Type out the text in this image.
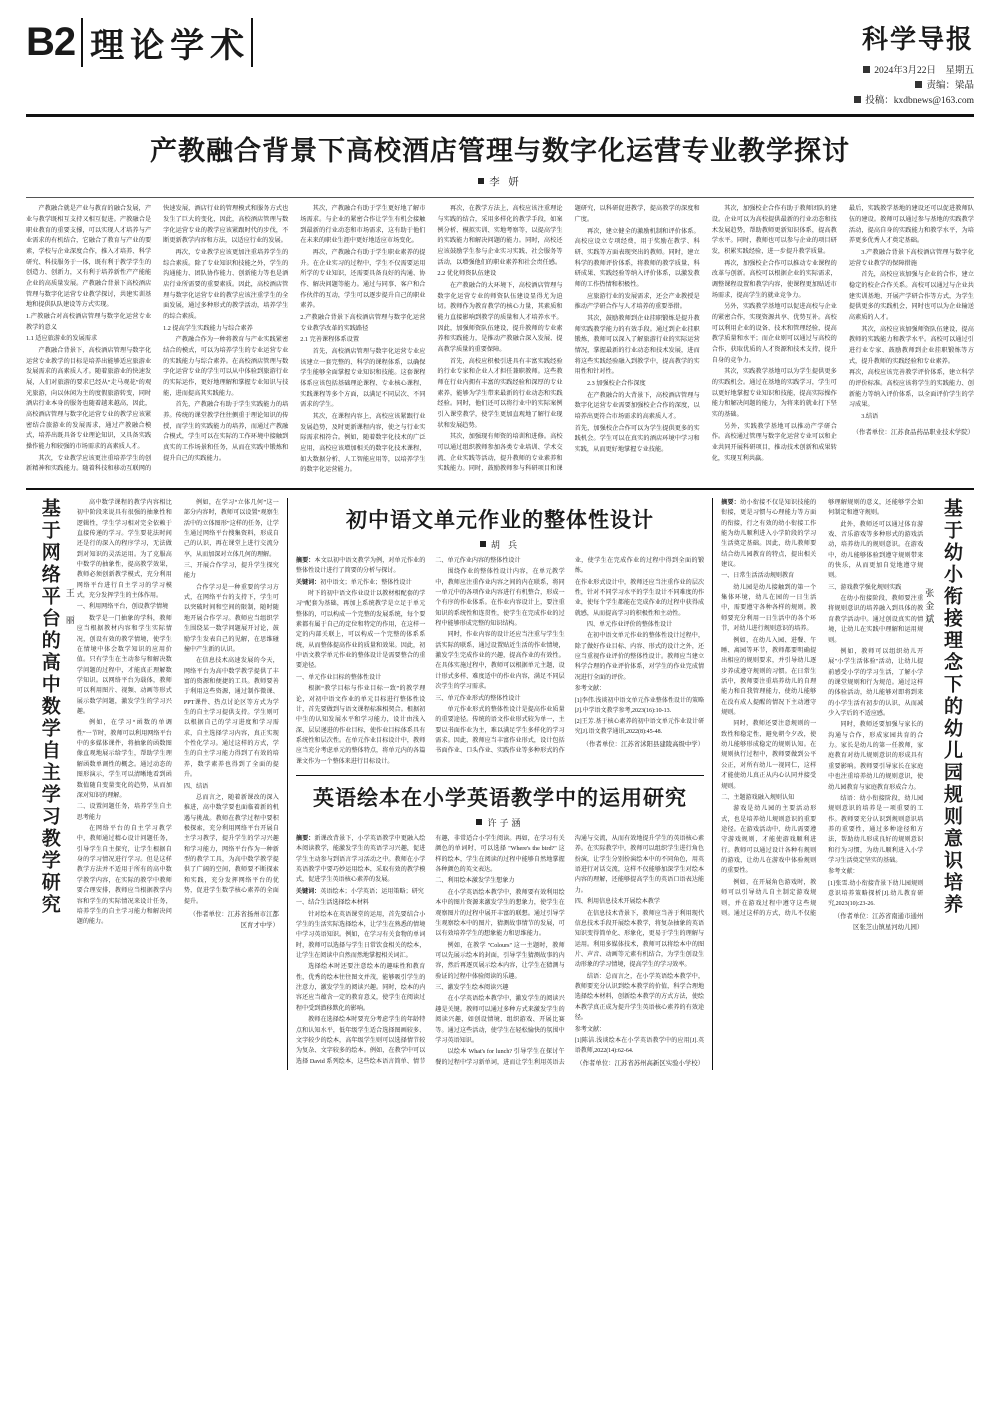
B2 理 论 学 术	科学导报
2024年3月22日　星期五
责编：梁晶
投稿：kxdbnews@163.com
产教融合背景下高校酒店管理与数字化运营专业教学探讨
李 妍

产教融合就是产业与教育的融合发展，产业与教学既相互支持又相互促进。产教融合是职业教育的重要支撑，可以实现人才培养与产业需求的有机结合，它融合了教育与产业的要素，学校与企业深度合作，推入才培养、科学研究、科技服务于一体，既有利于教学学生的创造力、创新力，又有利于培养新性产产能能企业的高质量发展。产教融合背景下高校酒店管理与数字化运营专业教学探讨，共建实训基地和提供队队建设等方式实现。

1.产教融合对高校酒店管理与数字化运营专业教学的意义

1.1 适应旅游业的发展需求

产教融合背景下，高校酒店管理与数字化运营专业教学的目标是培养出能够适应旅游业发展需求的高素质人才。随着旅游业的快速发展，人们对旅游的要求已经从“走马观花”的观光旅游，向以休闲为主的度假旅游转变，同时酒店行业本身的服务也随着越来越高，因此，高校酒店管理与数字化运营专业的教学应该紧密结合旅游业的发展需求，通过产教融合模式，培养出既具备专业理论知识，又具备实践操作能力和较强的市场需求的高素质人才。

其次，专业教学应该更注重培养学生的创新精神和实践能力。随着科技和移动互联网的快速发展，酒店行业的管理模式和服务方式也发生了巨大的变化，因此，高校酒店管理与数字化运营专业的教学应该紧跟时代的步伐，不断更新教学内容和方法，以适应行业的发展。

再次，专业教学应该更加注重培养学生的综合素质。除了专业知识和技能之外，学生的沟通能力、团队协作能力、创新能力等也是酒店行业所需要的重要素质。因此，高校酒店管理与数字化运营专业的教学应该注重学生的全面发展，通过多种形式的教学活动，培养学生的综合素质。

1.2 提高学生实践能力与综合素养

产教融合作为一种将教育与产业实践紧密结合的模式，可以为培养学生的专业运营专业的实践能力与综合素养。在高校酒店管理与数字化运营专业的学生可以从中体验到旅游行业的实际运作，更好地理解和掌握专业知识与技能，进而提高其实践能力。

首先，产教融合有助于学生实践能力的培养。传统的课堂教学往往侧重于理论知识的传授，而学生的实践能力的培养，而通过产教融合模式，学生可以在实际的工作环境中接触到真实的工作场景和任务，从而在实践中锻炼和提升自己的实践能力。

其次，产教融合有助于学生更好地了解市场需求。与企业的紧密合作让学生有机会接触到最新的行业动态和市场需求，这有助于他们在未来的职业生涯中更好地适应市场变化。

再次，产教融合有助于学生职业素养的提升。在企业实习的过程中，学生不仅需要运用所学的专业知识，还需要具备良好的沟通、协作、解决问题等能力。通过与同事、客户和合作伙伴的互动，学生可以逐步提升自己的职业素养。

2.产教融合背景下高校酒店管理与数字化运营专业教学改革的实践路径

2.1 完善课程体系设置

首先，高校酒店管理与数字化运营专业应该建立一套完整的、科学的课程体系，以确保学生能够全面掌握专业知识和技能。这套课程体系应该包括基础理论课程、专业核心课程、实践课程等多个方面，以满足不同层次、不同需求的学生。

其次，在课程内容上，高校应该紧跟行业发展趋势，及时更新课程内容，使之与行业实际需求相符合。例如，随着数字化技术的广泛应用，高校应该增加相关的数字化技术课程，如大数据分析、人工智能应用等，以培养学生的数字化运营能力。

再次，在教学方法上，高校应该注重理论与实践的结合，采用多样化的教学手段，如案例分析、模拟实训、实地考察等，以提高学生的实践能力和解决问题的能力。同时，高校还应该鼓励学生参与企业实习实践、社会服务等活动，以增强他们的职业素养和社会责任感。

2.2 优化师资队伍建设

在产教融合的大环境下，高校酒店管理与数字化运营专业的师资队伍建设显得尤为迫切。教师作为教育教学的核心力量，其素质和能力直接影响到教学的质量和人才培养水平。因此，加强师资队伍建设，提升教师的专业素养和实践能力，是推动产教融合深入发展、提高教学质量的重要保障。

首先，高校应积极引进具有丰富实践经验的行业专家和企业人才担任兼职教师。这些教师在行业内拥有丰富的实践经验和深厚的专业素养，能够为学生带来最新的行业动态和实践经验。同时，他们还可以将行业中的实际案例引入课堂教学，使学生更加直观地了解行业现状和发展趋势。

其次，加强现有师资的培训和进修。高校可以通过组织教师参加各类专业培训、学术交流、企业实践等活动，提升教师的专业素养和实践能力。同时，鼓励教师参与科研项目和课题研究，以科研促进教学，提高教学的深度和广度。

再次，建立健全的激励机制和评价体系。高校应设立专项经费，用于奖励在教学、科研、实践等方面表现突出的教师。同时，建立科学的教师评价体系，将教师的教学质量、科研成果、实践经验等纳入评价体系，以激发教师的工作热情和积极性。

应旅游行业的发展需求，还会产业教授是推动产学研合作与人才培养的重要举措。

其次，鼓励教师到企业挂职锻炼是提升教师实践教学能力的有效手段。通过到企业挂职锻炼，教师可以深入了解旅游行业的实际运营情况，掌握最新的行业动态和技术发展，进而将这些实践经验融入到教学中，提高教学的实用性和针对性。

2.3 加强校企合作深度

在产教融合的大背景下，高校酒店管理与数字化运营专业需要加强校企合作的深度，以培养出更符合市场需求的高素质人才。

首先，加强校企合作可以为学生提供更多的实践机会。学生可以在真实的酒店环境中学习和实践，从而更好地掌握专业技能。

其次，加强校企合作有助于教师团队的建设。企业可以为高校提供最新的行业动态和技术发展趋势，帮助教师更新知识体系，提高教学水平。同时，教师也可以参与企业的项目研发，积累实践经验，进一步提升教学质量。

再次，加强校企合作可以推动专业课程的改革与创新。高校可以根据企业的实际需求，调整课程设置和教学内容，使课程更加贴近市场需求，提高学生的就业竞争力。

另外，实践教学基地可以促进高校与企业的紧密合作，实现资源共享、优势互补。高校可以利用企业的设备、技术和管理经验，提高教学质量和水平；而企业则可以通过与高校的合作，获取优质的人才资源和技术支持，提升自身的竞争力。

其次，实践教学基地可以为学生提供更多的实践机会。通过在基地的实践学习，学生可以更好地掌握专业知识和技能，提高实际操作能力和解决问题的能力，为将来的就业打下坚实的基础。

另外，实践教学基地可以推动产学研合作。高校通过管理与数字化运营专业可以和企业共同开展科研项目，推动技术创新和成果转化，实现互利共赢。

最后，实践教学基地的建设还可以促进教师队伍的建设。教师可以通过参与基地的实践教学活动，提高自身的实践能力和教学水平，为培养更多优秀人才奠定基础。

3.产教融合背景下高校酒店管理与数字化运营专业教学的保障措施

首先，高校应该加强与企业的合作，建立稳定的校企合作关系。高校可以通过与企业共建实训基地、开展产学研合作等方式，为学生提供更多的实践机会，同时也可以为企业输送高素质的人才。

其次，高校应该加强师资队伍建设，提高教师的实践能力和教学水平。高校可以通过引进行业专家、鼓励教师到企业挂职锻炼等方式，提升教师的实践经验和专业素养。

再次，高校应该完善教学评价体系，建立科学的评价标准。高校应该将学生的实践能力、创新能力等纳入评价体系，以全面评价学生的学习成果。

3.结语

（作者单位：江苏食品药品职业技术学院）
基于网络平台的高中数学自主学习教学研究 王 丽

高中数学课程的教学内容相比初中阶段来说具有很强的抽象性和逻辑性，学生学习相对完全依赖于直接传递的学习。学生要花法时间还是行的深入的程序学习，无法做到对知识的灵活运用。为了克服高中数学的抽象性，提高教学效果，教师必须创新教学模式，充分利用网络平台进行自主学习的学习模式，充分发挥学生的主体作用。

一、利用网络平台，创设教学情境

数学是一门抽象的学科，教师应当根据教材内容和学生实际情况，创设有效的教学情境，使学生在情境中体会数学知识的应用价值。只有学生在主动参与和解决数学问题的过程中，才能真正理解数学知识。以网络平台为载体，教师可以利用图片、视频、动画等形式展示数学问题，激发学生的学习兴趣。

例如，在学习“函数的单调性”一节时，教师可以利用网络平台中的多媒体课件，将抽象的函数图像直观地展示给学生，帮助学生理解函数单调性的概念。通过动态的图形演示，学生可以清晰地看到函数值随自变量变化的趋势，从而加深对知识的理解。

二、设置问题任务，培养学生自主思考能力

在网络平台的自主学习教学中，教师通过精心设计问题任务，引导学生自主探究，让学生根据自身的学习情况进行学习。但是这样教学方法并不适用于所有的高中数学教学内容，在实际的教学中教师要合理安排，教师应当根据教学内容和学生的实际情况来设计任务，培养学生的自主学习能力和解决问题的能力。

例如，在学习“立体几何”这一部分内容时，教师可以设置“观察生活中的立体图形”这样的任务，让学生通过网络平台搜集资料，形成自己的认识，再在课堂上进行交流分享，从而加深对立体几何的理解。

三、开展合作学习，提升学生探究能力

合作学习是一种重要的学习方式，在网络平台的支持下，学生可以突破时间和空间的限制，随时随地开展合作学习。教师应当组织学生围绕某一数学问题展开讨论，鼓励学生发表自己的见解，在思维碰撞中产生新的认识。

在信息技术高速发展的今天，网络平台为高中数学教学提供了丰富的资源和便捷的工具。教师要善于利用这些资源，通过制作微课、PPT课件、热点讨论区等方式为学生的自主学习提供支持。学生则可以根据自己的学习进度和学习需求，自主选择学习内容，真正实现个性化学习。通过这样的方式，学生的自主学习能力得到了有效的培养，数学素养也得到了全面的提升。

四、结语

总而言之，随着新课改的深入推进，高中数学要也面临着新的机遇与挑战。教师在教学过程中要积极探索，充分利用网络平台开展自主学习教学，提升学生的学习兴趣和学习能力，网络平台作为一种新型的教学工具，为高中数学教学提供了广阔的空间，教师要不断探索和实践，充分发挥网络平台的优势，促进学生数学核心素养的全面提升。

（作者单位：江苏省扬州市江都区育才中学）
初中语文单元作业的整体性设计
胡 兵

摘要：本文以初中语文教学为例，对单元作业的整体性设计进行了简要的分析与探讨。

关键词：初中语文；单元作业；整体性设计

时下的初中语文作业设计以教材相配套的学习“配套为基础，再加上系统教学是立足于单元整体的，可以构成一个完整的发展系统，每个要素都有属于自己的定位和特定的作用，在这样一定的内部关联上，可以构成一个完整的体系系统，从而整体提高作业的质量和效果。因此，初中语文教学单元作业的整体设计是需要整合的重要途径。

一、单元作业目标的整体性设计

根据“教学目标与作业目标一致”的教学理论，对初中语文作业的单元目标进行整体性设计，首先要做到与语文课程标准相契合。根据初中生的认知发展水平和学习能力，设计由浅入深、层层递进的作业目标，使作业目标体系具有系统性和层次性。在单元作业目标设计中，教师应当充分考虑单元的整体特点，将单元内的各篇课文作为一个整体来进行目标设计。

二、单元作业内容的整体性设计

围绕作业的整体性设计内容，在单元教学中，教师应注重作业内容之间的内在联系，将同一单元中的各项作业内容进行有机整合，形成一个有序的作业体系。在作业内容设计上，要注重知识的系统性和连贯性，使学生在完成作业的过程中能够形成完整的知识结构。

同时，作业内容的设计还应当注重与学生生活实际的联系，通过设置贴近生活的作业情境，激发学生完成作业的兴趣，提高作业的有效性。在具体实施过程中，教师可以根据单元主题，设计形式多样、难度适中的作业内容，满足不同层次学生的学习需求。

三、单元作业形式的整体性设计

单元作业形式的整体性设计是提高作业质量的重要途径。传统的语文作业形式较为单一，主要以书面作业为主，难以满足学生多样化的学习需求。因此，教师应当丰富作业形式，设计包括书面作业、口头作业、实践作业等多种形式的作业，使学生在完成作业的过程中得到全面的锻炼。

在作业形式设计中，教师还应当注重作业的层次性，针对不同学习水平的学生设计不同难度的作业，使每个学生都能在完成作业的过程中获得成就感，从而提高学习的积极性和主动性。

四、单元作业评价的整体性设计

在初中语文单元作业的整体性设计过程中，除了做好作业目标、内容、形式的设计之外，还应当重视作业评价的整体性设计。教师应当建立科学合理的作业评价体系，对学生的作业完成情况进行全面的评价。

参考文献：

[1]李伟.浅谈初中语文单元作业整体性设计的策略[J].中学语文教学参考,2023(16):10-13.

[2]王芳.基于核心素养的初中语文单元作业设计研究[J].语文教学通讯,2022(8):45-48.

（作者单位：江苏省沭阳县建陵高级中学）
英语绘本在小学英语教学中的运用研究
许子涵

摘要：新课改背景下，小学英语教学中更融入绘本阅读教学，能激发学生的英语学习兴趣，促进学生主动参与到语言学习活动之中。教师在小学英语教学中要巧妙运用绘本，采取有效的教学模式，促进学生英语核心素养的发展。

关键词：英语绘本；小学英语；运用策略；研究

一、结合生活选择绘本材料

针对绘本在英语课堂的运用，首先要结合小学生的生活实际选择绘本，让学生在熟悉的情境中学习英语知识。例如，在学习有关食物的单词时，教师可以选择与学生日常饮食相关的绘本，让学生在阅读中自然而然地掌握相关词汇。

选择绘本时还要注意绘本的趣味性和教育性，优秀的绘本往往图文并茂，能够吸引学生的注意力，激发学生的阅读兴趣。同时，绘本的内容还应当蕴含一定的教育意义，使学生在阅读过程中受到潜移默化的影响。

教师在选择绘本时要充分考虑学生的年龄特点和认知水平，低年级学生适合选择图画较多、文字较少的绘本，高年级学生则可以选择情节较为复杂、文字较多的绘本。例如，在教学中可以选择 David 系列绘本，这些绘本语言简单、情节有趣，非常适合小学生阅读。再如，在学习有关颜色的单词时，可以选择 "Where's the bird?" 这样的绘本，学生在阅读的过程中能够自然地掌握各种颜色的英文表达。

二、利用绘本激发学生想象力

在小学英语绘本教学中，教师要有效利用绘本中的图片资源来激发学生的想象力，使学生在观察图片的过程中展开丰富的联想。通过引导学生观察绘本中的图片，猜测故事情节的发展，可以有效培养学生的想象能力和思维能力。

例如，在教学 "Colours" 这一主题时，教师可以先展示绘本的封面，引导学生猜测故事的内容，然后再逐页展示绘本内容，让学生在猜测与验证的过程中体验阅读的乐趣。

三、激发学生绘本阅读兴趣

在小学英语绘本教学中，激发学生的阅读兴趣是关键。教师可以通过多种方式来激发学生的阅读兴趣，如创设情境、组织游戏、开展比赛等。通过这些活动，使学生在轻松愉快的氛围中学习英语知识。

以绘本 What's for lunch? 引导学生在探讨午餐的过程中学习新单词，进而让学生利用英语去沟通与交流，从而有效地提升学生的英语核心素养。在实际教学中，教师可以组织学生进行角色扮演，让学生分别扮演绘本中的不同角色，用英语进行对话交流，这样不仅能够加深学生对绘本内容的理解，还能够提高学生的英语口语表达能力。

四、利用信息技术开展绘本教学

在信息技术背景下，教师应当善于利用现代信息技术手段开展绘本教学，将复杂抽象的英语知识变得简单化、形象化，更易于学生的理解与运用。利用多媒体技术，教师可以将绘本中的图片、声音、动画等元素有机结合，为学生创设生动形象的学习情境，提高学生的学习效率。

结语：总而言之，在小学英语绘本教学中，教师要充分认识到绘本教学的价值，科学合理地选择绘本材料，创新绘本教学的方式方法，使绘本教学真正成为提升学生英语核心素养的有效途径。

参考文献：

[1]陈洁.浅谈绘本在小学英语教学中的应用[J].英语教师,2022(14):62-64.

（作者单位：江苏省苏州高新区实验小学校）
基于幼小衔接理念下的幼儿园规则意识培养
张金斌

摘要：幼小衔接不仅是知识技能的衔接，更是习惯与心理能力等方面的衔接，行之有效的幼小衔接工作能为幼儿顺利进入小学阶段的学习生活奠定基础。因此，幼儿教师要结合幼儿园教育的特点，提出相关建议。

一、日常生活活动规则教育

幼儿园是幼儿接触到的第一个集体环境，幼儿在园的一日生活中，需要遵守各种各样的规则。教师要充分利用一日生活中的各个环节，对幼儿进行规则意识的培养。

例如，在幼儿入园、进餐、午睡、离园等环节，教师都要明确提出相应的规则要求，并引导幼儿逐步养成遵守规则的习惯。在日常生活中，教师要注重培养幼儿的自理能力和自我管理能力，使幼儿能够在没有成人提醒的情况下主动遵守规则。

同时，教师还要注意规则的一致性和稳定性，避免朝令夕改，使幼儿能够形成稳定的规则认知。在规则执行过程中，教师要做到公平公正，对所有幼儿一视同仁，这样才能使幼儿真正从内心认同并接受规则。

二、主题游戏融入规则认知

游戏是幼儿园的主要活动形式，也是培养幼儿规则意识的重要途径。在游戏活动中，幼儿需要遵守游戏规则，才能使游戏顺利进行。教师可以通过设计各种有规则的游戏，让幼儿在游戏中体验规则的重要性。

例如，在开展角色游戏时，教师可以引导幼儿自主制定游戏规则，并在游戏过程中遵守这些规则。通过这样的方式，幼儿不仅能够理解规则的意义，还能够学会如何制定和遵守规则。

此外，教师还可以通过体育游戏、音乐游戏等多种形式的游戏活动，培养幼儿的规则意识。在游戏中，幼儿能够体验到遵守规则带来的快乐，从而更加自觉地遵守规则。

三、游戏教学强化规则实践

在幼小衔接阶段，教师要注重将规则意识的培养融入到具体的教育教学活动中。通过创设真实的情境，让幼儿在实践中理解和运用规则。

例如，教师可以组织幼儿开展"小学生活体验"活动，让幼儿提前感受小学的学习生活，了解小学的课堂规则和行为规范。通过这样的体验活动，幼儿能够对即将到来的小学生活有初步的认识，从而减少入学后的不适应感。

同时，教师还要加强与家长的沟通与合作，形成家园共育的合力。家长是幼儿的第一任教师，家庭教育对幼儿规则意识的形成具有重要影响。教师要引导家长在家庭中也注重培养幼儿的规则意识，使幼儿园教育与家庭教育形成合力。

结语：幼小衔接阶段，幼儿园规则意识的培养是一项重要的工作。教师要充分认识到规则意识培养的重要性，通过多种途径和方法，帮助幼儿形成良好的规则意识和行为习惯，为幼儿顺利进入小学学习生活奠定坚实的基础。

参考文献：

[1]张雪.幼小衔接背景下幼儿园规则意识培养策略探析[J].幼儿教育研究,2023(10):23-26.

（作者单位：江苏省南通市通州区张芝山镇星河幼儿园）
